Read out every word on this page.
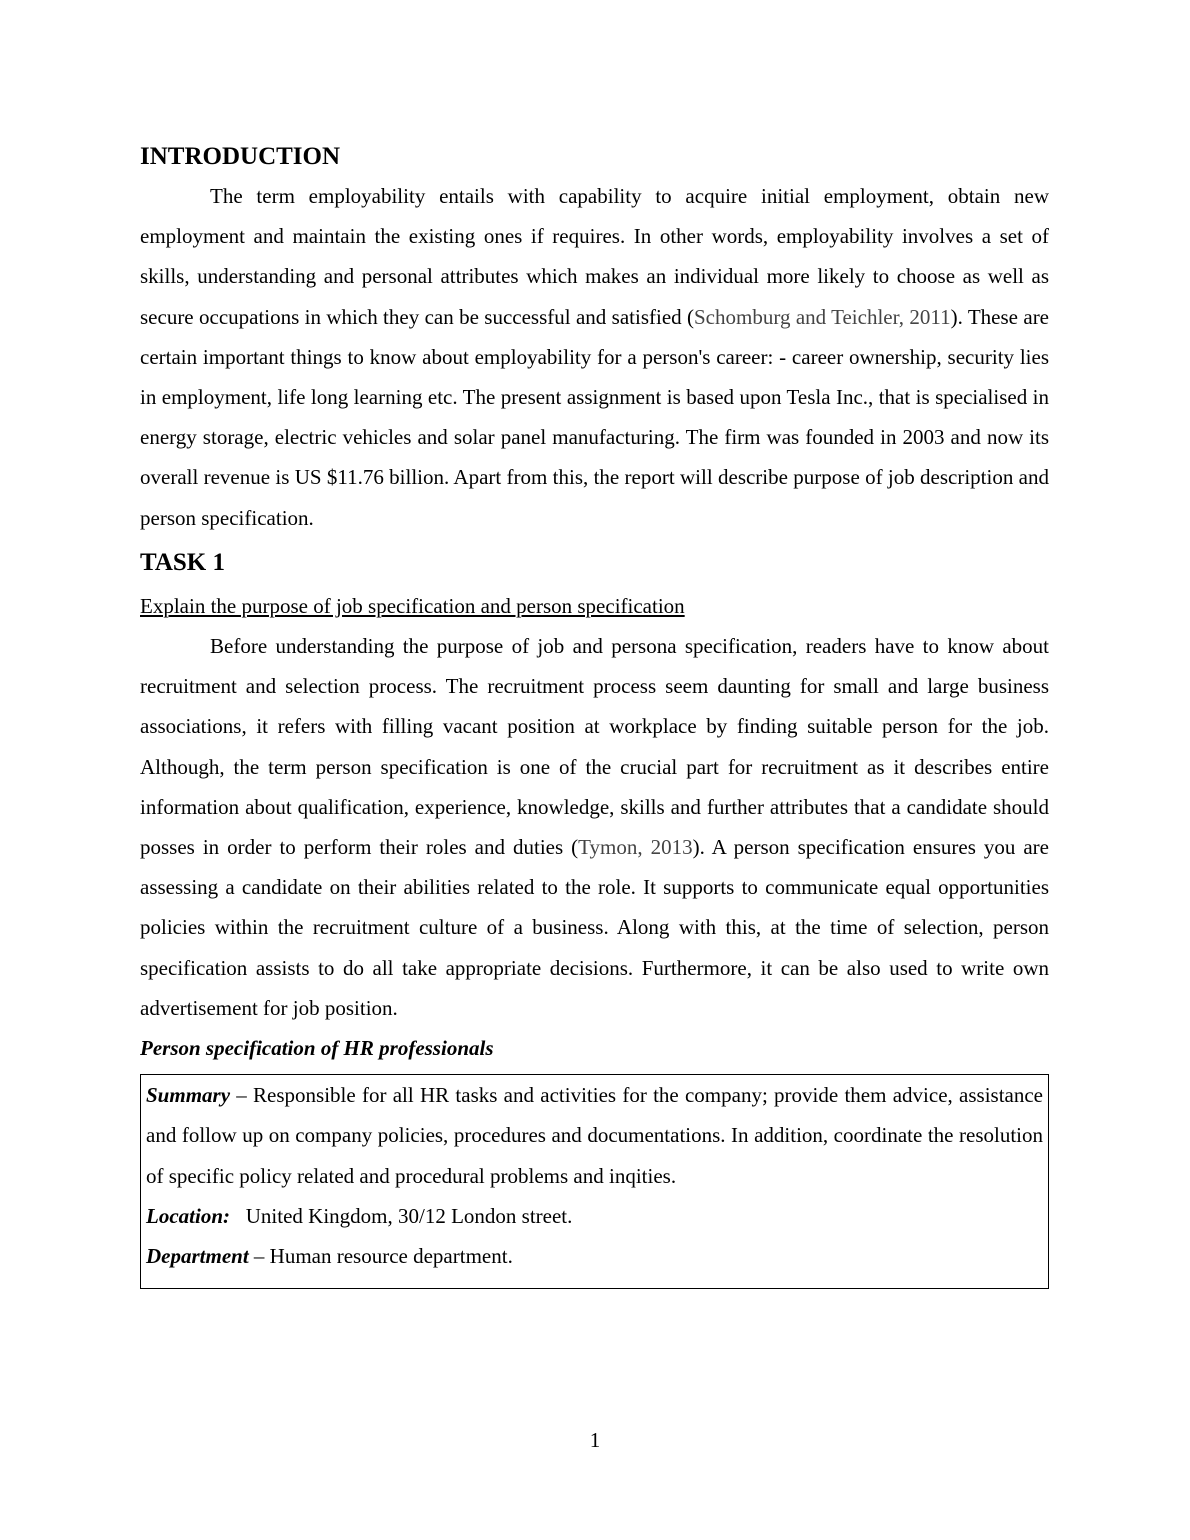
INTRODUCTION

The term employability entails with capability to acquire initial employment, obtain new employment and maintain the existing ones if requires. In other words, employability involves a set of skills, understanding and personal attributes which makes an individual more likely to choose as well as secure occupations in which they can be successful and satisfied (Schomburg and Teichler, 2011). These are certain important things to know about employability for a person's career: - career ownership, security lies in employment, life long learning etc. The present assignment is based upon Tesla Inc., that is specialised in energy storage, electric vehicles and solar panel manufacturing. The firm was founded in 2003 and now its overall revenue is US $11.76 billion. Apart from this, the report will describe purpose of job description and person specification.

TASK 1

Explain the purpose of job specification and person specification

Before understanding the purpose of job and persona specification, readers have to know about recruitment and selection process. The recruitment process seem daunting for small and large business associations, it refers with filling vacant position at workplace by finding suitable person for the job. Although, the term person specification is one of the crucial part for recruitment as it describes entire information about qualification, experience, knowledge, skills and further attributes that a candidate should posses in order to perform their roles and duties (Tymon, 2013). A person specification ensures you are assessing a candidate on their abilities related to the role. It supports to communicate equal opportunities policies within the recruitment culture of a business. Along with this, at the time of selection, person specification assists to do all take appropriate decisions. Furthermore, it can be also used to write own advertisement for job position.

Person specification of HR professionals

Summary – Responsible for all HR tasks and activities for the company; provide them advice, assistance and follow up on company policies, procedures and documentations. In addition, coordinate the resolution of specific policy related and procedural problems and inqities.

Location:   United Kingdom, 30/12 London street.

Department – Human resource department.

1
